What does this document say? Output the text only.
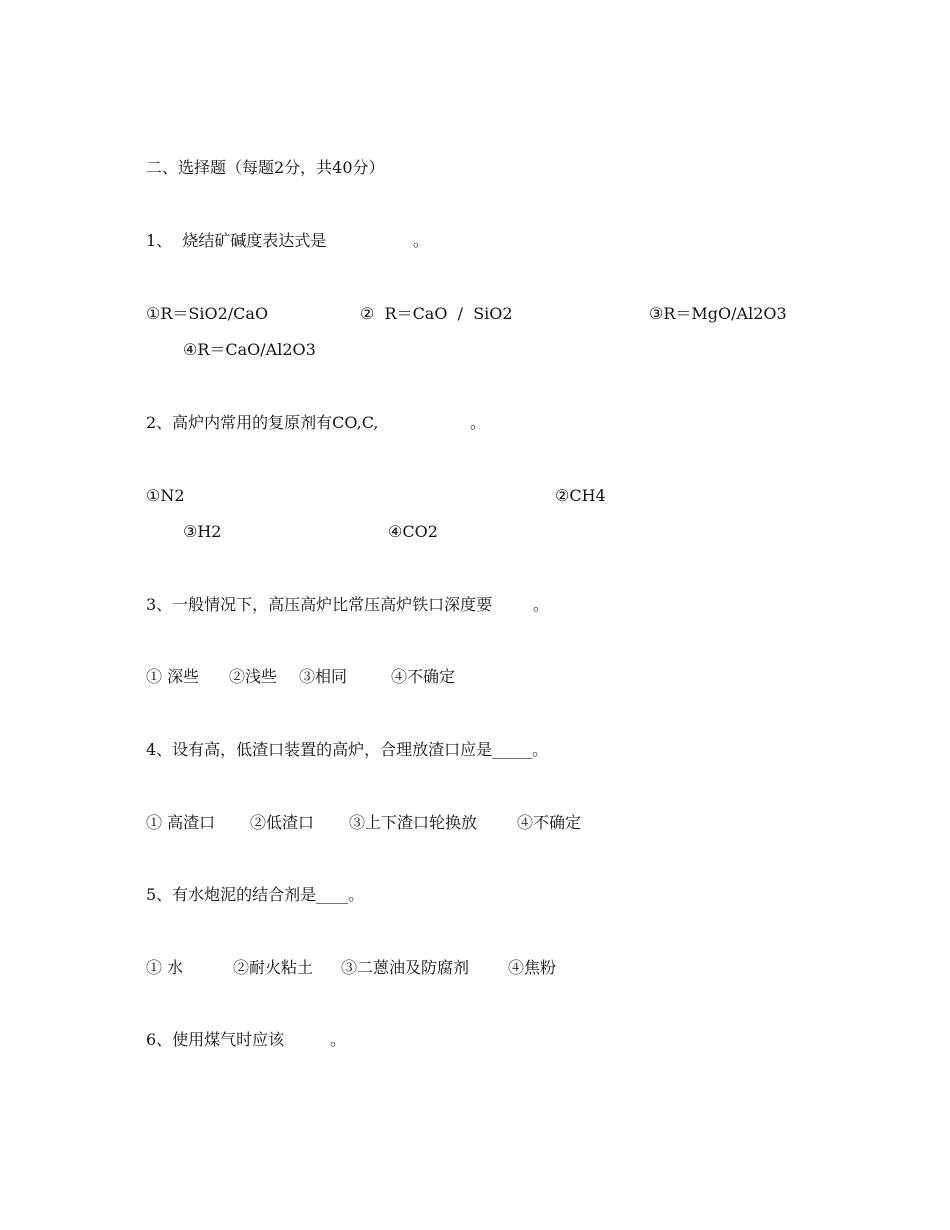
二、选择题（每题2分，共40分）
1、  烧结矿碱度表达式是                 。
①R＝SiO2/CaO	②  R＝CaO  /  SiO2	③R＝MgO/Al2O3
④R＝CaO/Al2O3
2、高炉内常用的复原剂有CO,C,                  。
①N2	②CH4
③H2	④CO2
3、一般情况下，高压高炉比常压高炉铁口深度要        。
① 深些 ②浅些 ③相同	④不确定
4、设有高，低渣口装置的高炉，合理放渣口应是_____。
① 高渣口 ②低渣口 ③上下渣口轮换放 ④不确定
5、有水炮泥的结合剂是____。
① 水	②耐火粘土 ③二蒽油及防腐剂 ④焦粉
6、使用煤气时应该         。
